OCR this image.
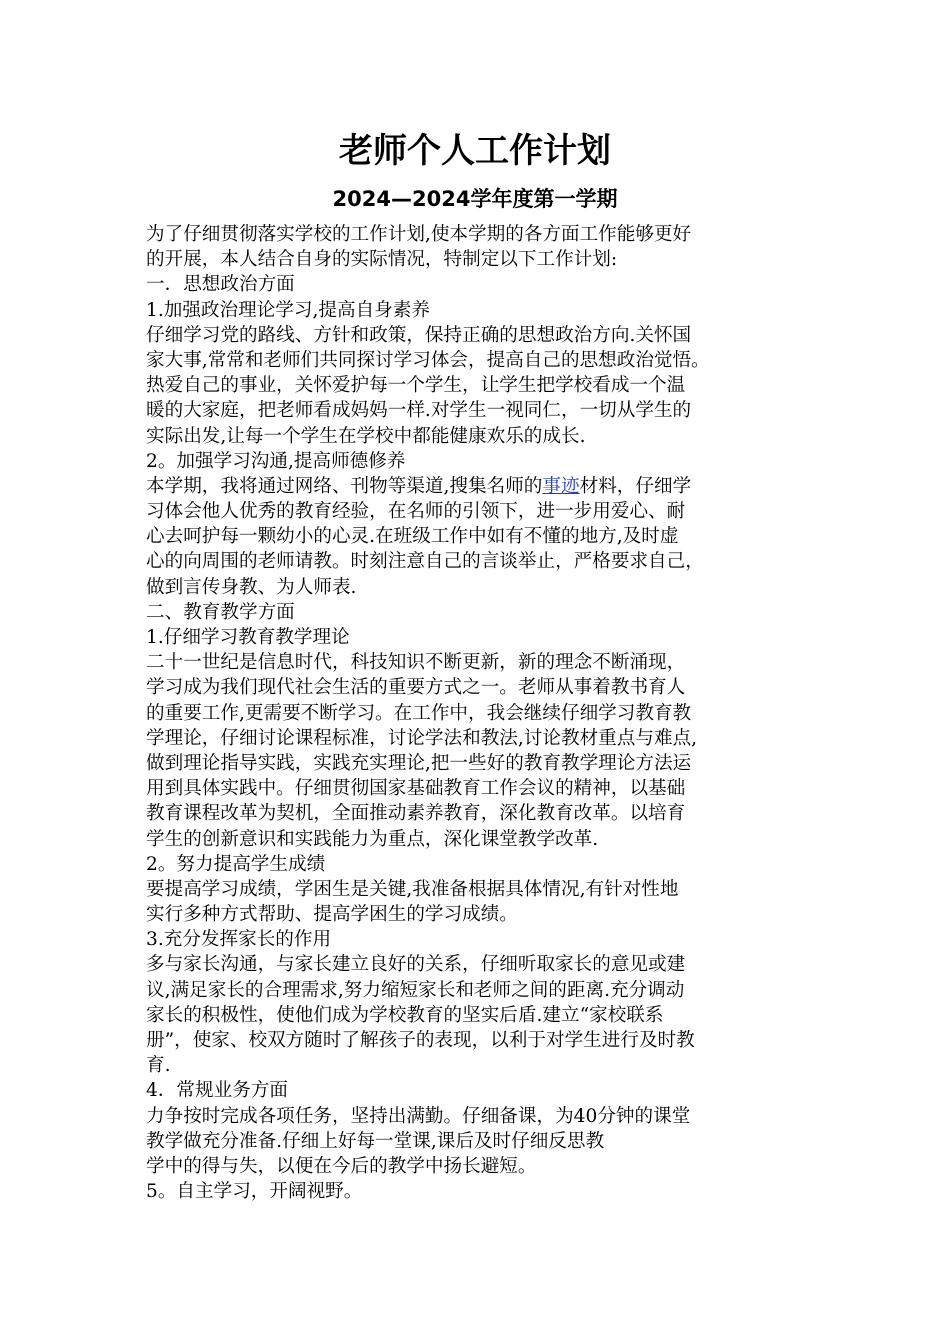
老师个人工作计划
2024—2024学年度第一学期
为了仔细贯彻落实学校的工作计划,使本学期的各方面工作能够更好
的开展，本人结合自身的实际情况，特制定以下工作计划:
一．思想政治方面
1.加强政治理论学习,提高自身素养
仔细学习党的路线、方针和政策，保持正确的思想政治方向.关怀国
家大事,常常和老师们共同探讨学习体会，提高自己的思想政治觉悟。
热爱自己的事业，关怀爱护每一个学生，让学生把学校看成一个温
暖的大家庭，把老师看成妈妈一样.对学生一视同仁，一切从学生的
实际出发,让每一个学生在学校中都能健康欢乐的成长.
2。加强学习沟通,提高师德修养
本学期，我将通过网络、刊物等渠道,搜集名师的事迹材料，仔细学
习体会他人优秀的教育经验，在名师的引领下，进一步用爱心、耐
心去呵护每一颗幼小的心灵.在班级工作中如有不懂的地方,及时虚
心的向周围的老师请教。时刻注意自己的言谈举止，严格要求自己，
做到言传身教、为人师表.
二、教育教学方面
1.仔细学习教育教学理论
二十一世纪是信息时代，科技知识不断更新，新的理念不断涌现，
学习成为我们现代社会生活的重要方式之一。老师从事着教书育人
的重要工作,更需要不断学习。在工作中，我会继续仔细学习教育教
学理论，仔细讨论课程标准，讨论学法和教法,讨论教材重点与难点,
做到理论指导实践，实践充实理论,把一些好的教育教学理论方法运
用到具体实践中。仔细贯彻国家基础教育工作会议的精神，以基础
教育课程改革为契机，全面推动素养教育，深化教育改革。以培育
学生的创新意识和实践能力为重点，深化课堂教学改革.
2。努力提高学生成绩
要提高学习成绩，学困生是关键,我准备根据具体情况,有针对性地
实行多种方式帮助、提高学困生的学习成绩。
3.充分发挥家长的作用
多与家长沟通，与家长建立良好的关系，仔细听取家长的意见或建
议,满足家长的合理需求,努力缩短家长和老师之间的距离.充分调动
家长的积极性，使他们成为学校教育的坚实后盾.建立“家校联系
册”，使家、校双方随时了解孩子的表现，以利于对学生进行及时教
育.
4．常规业务方面
力争按时完成各项任务，坚持出满勤。仔细备课，为40分钟的课堂
教学做充分准备.仔细上好每一堂课,课后及时仔细反思教
学中的得与失，以便在今后的教学中扬长避短。
5。自主学习，开阔视野。
